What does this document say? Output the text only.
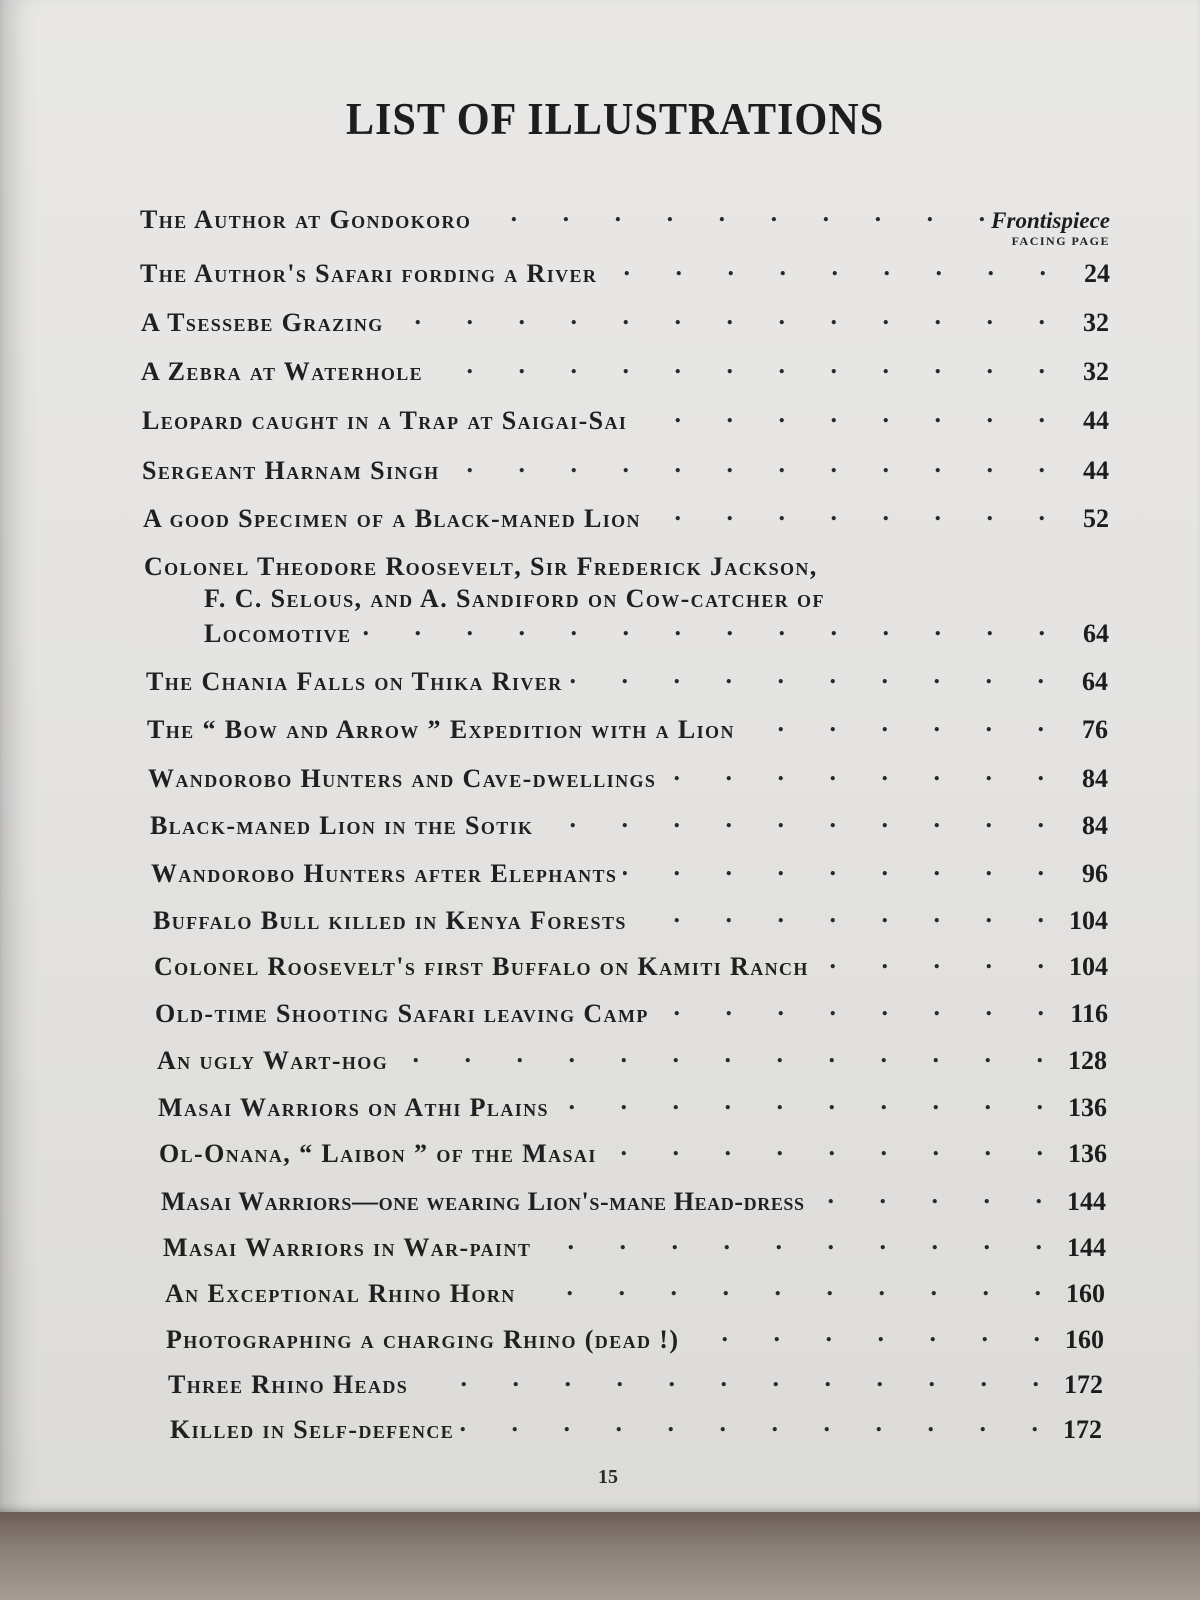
LIST OF ILLUSTRATIONS
The Author at Gondokoro .	Frontispiece
FACING PAGE
The Author's Safari fording a River .	24
A Tsessebe Grazing .	32
A Zebra at Waterhole .	32
Leopard caught in a Trap at Saigai-Sai .	44
Sergeant Harnam Singh .	44
A good Specimen of a Black-maned Lion .	52
Colonel Theodore Roosevelt, Sir Frederick Jackson,
F. C. Selous, and A. Sandiford on Cow-catcher of
Locomotive .	64
The Chania Falls on Thika River .	64
The “ Bow and Arrow ” Expedition with a Lion .	76
Wandorobo Hunters and Cave-dwellings .	84
Black-maned Lion in the Sotik .	84
Wandorobo Hunters after Elephants .	96
Buffalo Bull killed in Kenya Forests .	104
Colonel Roosevelt's first Buffalo on Kamiti Ranch .	104
Old-time Shooting Safari leaving Camp .	116
An ugly Wart-hog .	128
Masai Warriors on Athi Plains .	136
Ol-Onana, “ Laibon ” of the Masai .	136
Masai Warriors—one wearing Lion's-mane Head-dress .	144
Masai Warriors in War-paint .	144
An Exceptional Rhino Horn .	160
Photographing a charging Rhino (dead !) .	160
Three Rhino Heads .	172
Killed in Self-defence .	172
15
